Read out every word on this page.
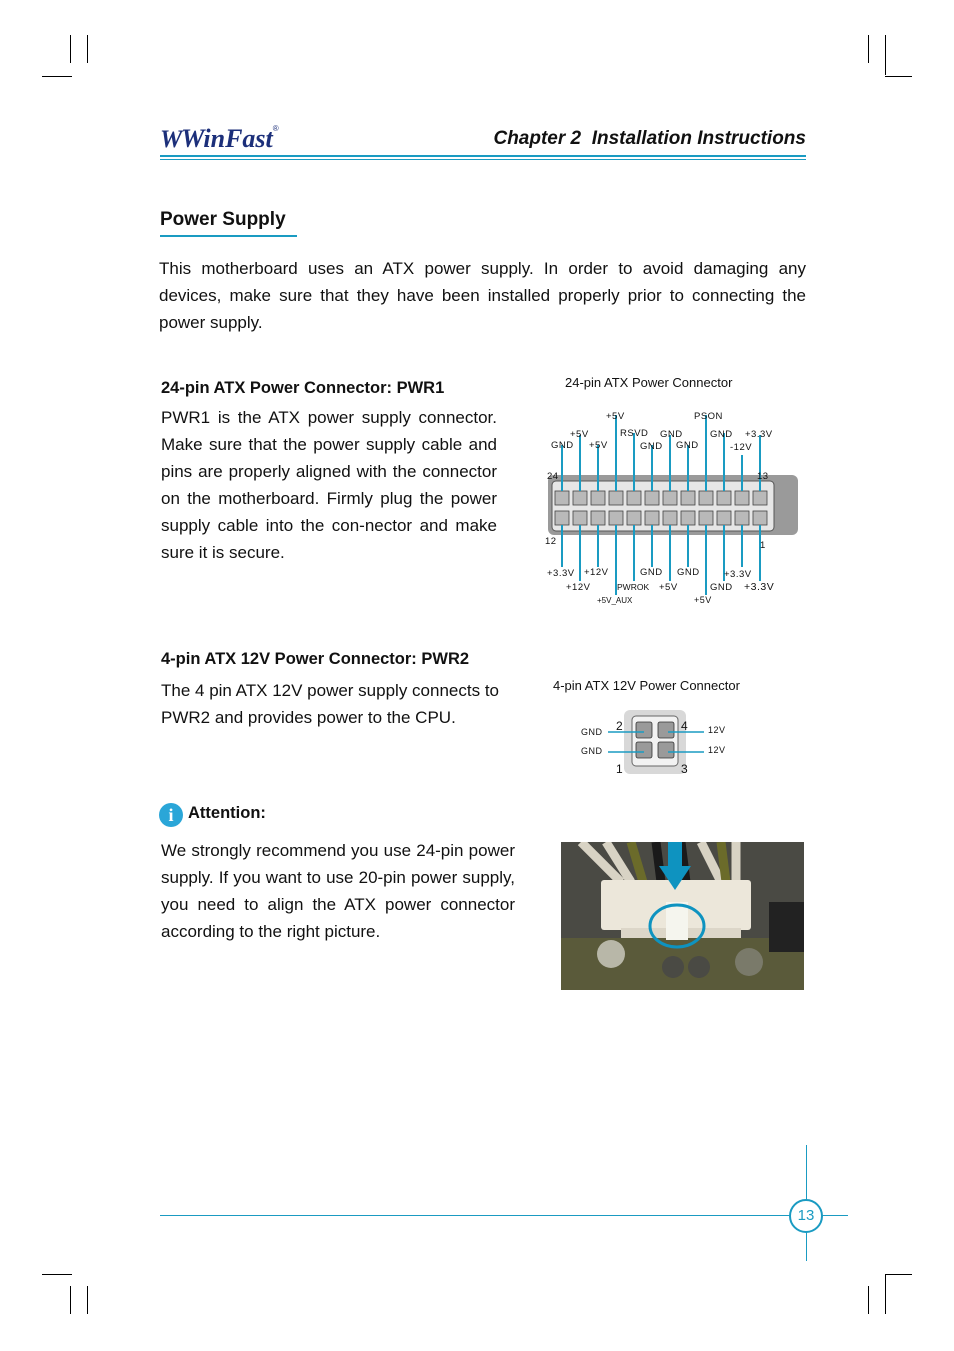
WWinFast®	Chapter 2 Installation Instructions
Power Supply
This motherboard uses an ATX power supply. In order to avoid damaging any devices, make sure that they have been installed properly prior to connecting the power supply.
24-pin ATX Power Connector: PWR1
PWR1 is the ATX power supply connector. Make sure that the power supply cable and pins are properly aligned with the connector on the motherboard. Firmly plug the power supply cable into the con-nector and make sure it is secure.
24-pin ATX Power Connector
24	13
12	1
+5V	PSON
+5V	RSVD GND	GND +3.3V
GND +5V	GND GND	-12V
+3.3V +12V	GND GND	+3.3V
+12V	PWROK +5V	GND +3.3V
+5V_AUX	+5V
4-pin ATX 12V Power Connector: PWR2
The 4 pin ATX 12V power supply connects to PWR2 and provides power to the CPU.
4-pin ATX 12V Power Connector
2	4
1	3
GND
GND
12V
12V
i Attention:
We strongly recommend you use 24-pin power supply. If you want to use 20-pin power supply, you need to align the ATX power connector according to the right picture.
13
